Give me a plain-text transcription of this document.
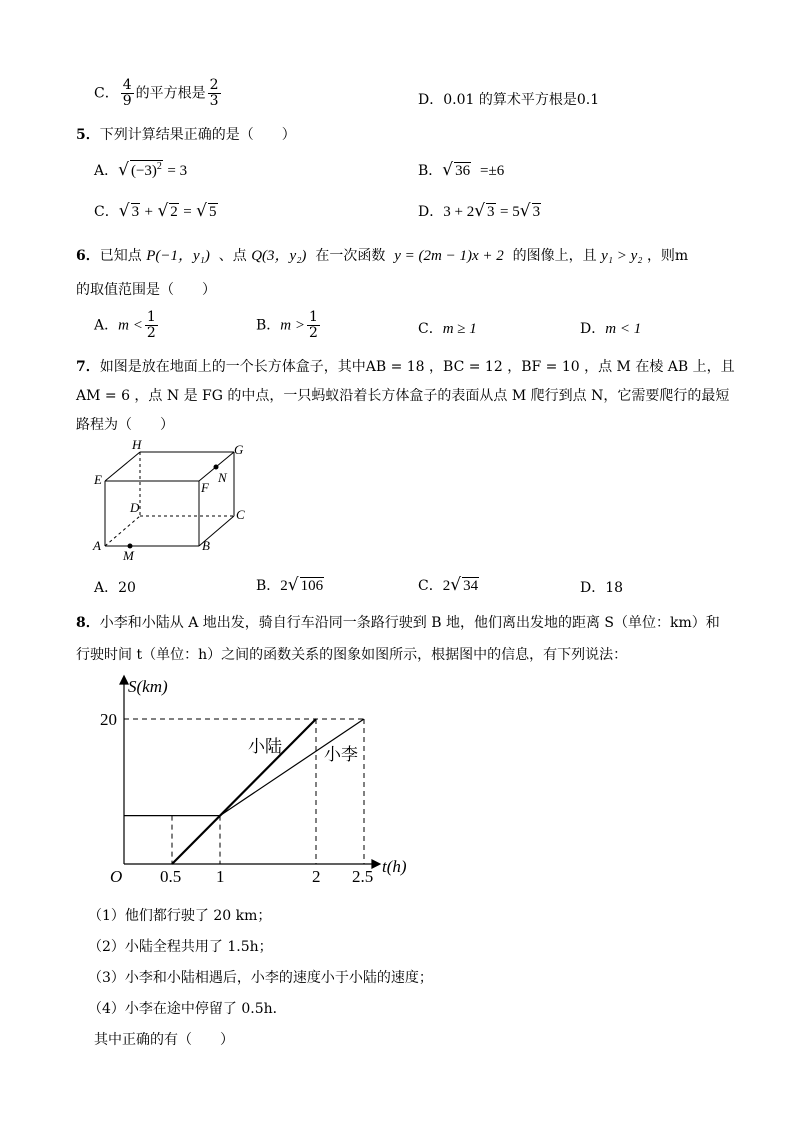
C． $\frac{4}{9}$ 的平方根是 $\frac{2}{3}$	D．0.01 的算术平方根是0.1
5．下列计算结果正确的是（　　）
A．√ $(-3)^2 = 3$	B．√ 36 =±6
C．√ 3 + √ 2 = √ 5	D．3 + 2√ 3 = 5√ 3
6．已知点 P(−1，y₁) 、点 Q(3，y₂) 在一次函数 y = (2m − 1)x + 2 的图像上，且 y₁ > y₂ ，则m
的取值范围是（　　）
A．$m < \frac{1}{2}$	B．$m > \frac{1}{2}$	C．m ≥ 1	D．m < 1
7．如图是放在地面上的一个长方体盒子，其中AB = 18 ，BC = 12 ，BF = 10 ，点 M 在棱 AB 上，且
AM = 6 ，点 N 是 FG 的中点，一只蚂蚁沿着长方体盒子的表面从点 M 爬行到点 N，它需要爬行的最短
路程为（　　）
H	G
E
F
N
D	C
A	B
M
A．20	B．2√ 106	C．2√ 34	D．18
8．小李和小陆从 A 地出发，骑自行车沿同一条路行驶到 B 地，他们离出发地的距离 S（单位：km）和
行驶时间 t（单位：h）之间的函数关系的图象如图所示，根据图中的信息，有下列说法：
小陆 小李
S(km)
t(h)
O
20
0.5 1	2 2.5
（1）他们都行驶了 20 km；
（2）小陆全程共用了 1.5h；
（3）小李和小陆相遇后，小李的速度小于小陆的速度；
（4）小李在途中停留了 0.5h．
其中正确的有（　　）
